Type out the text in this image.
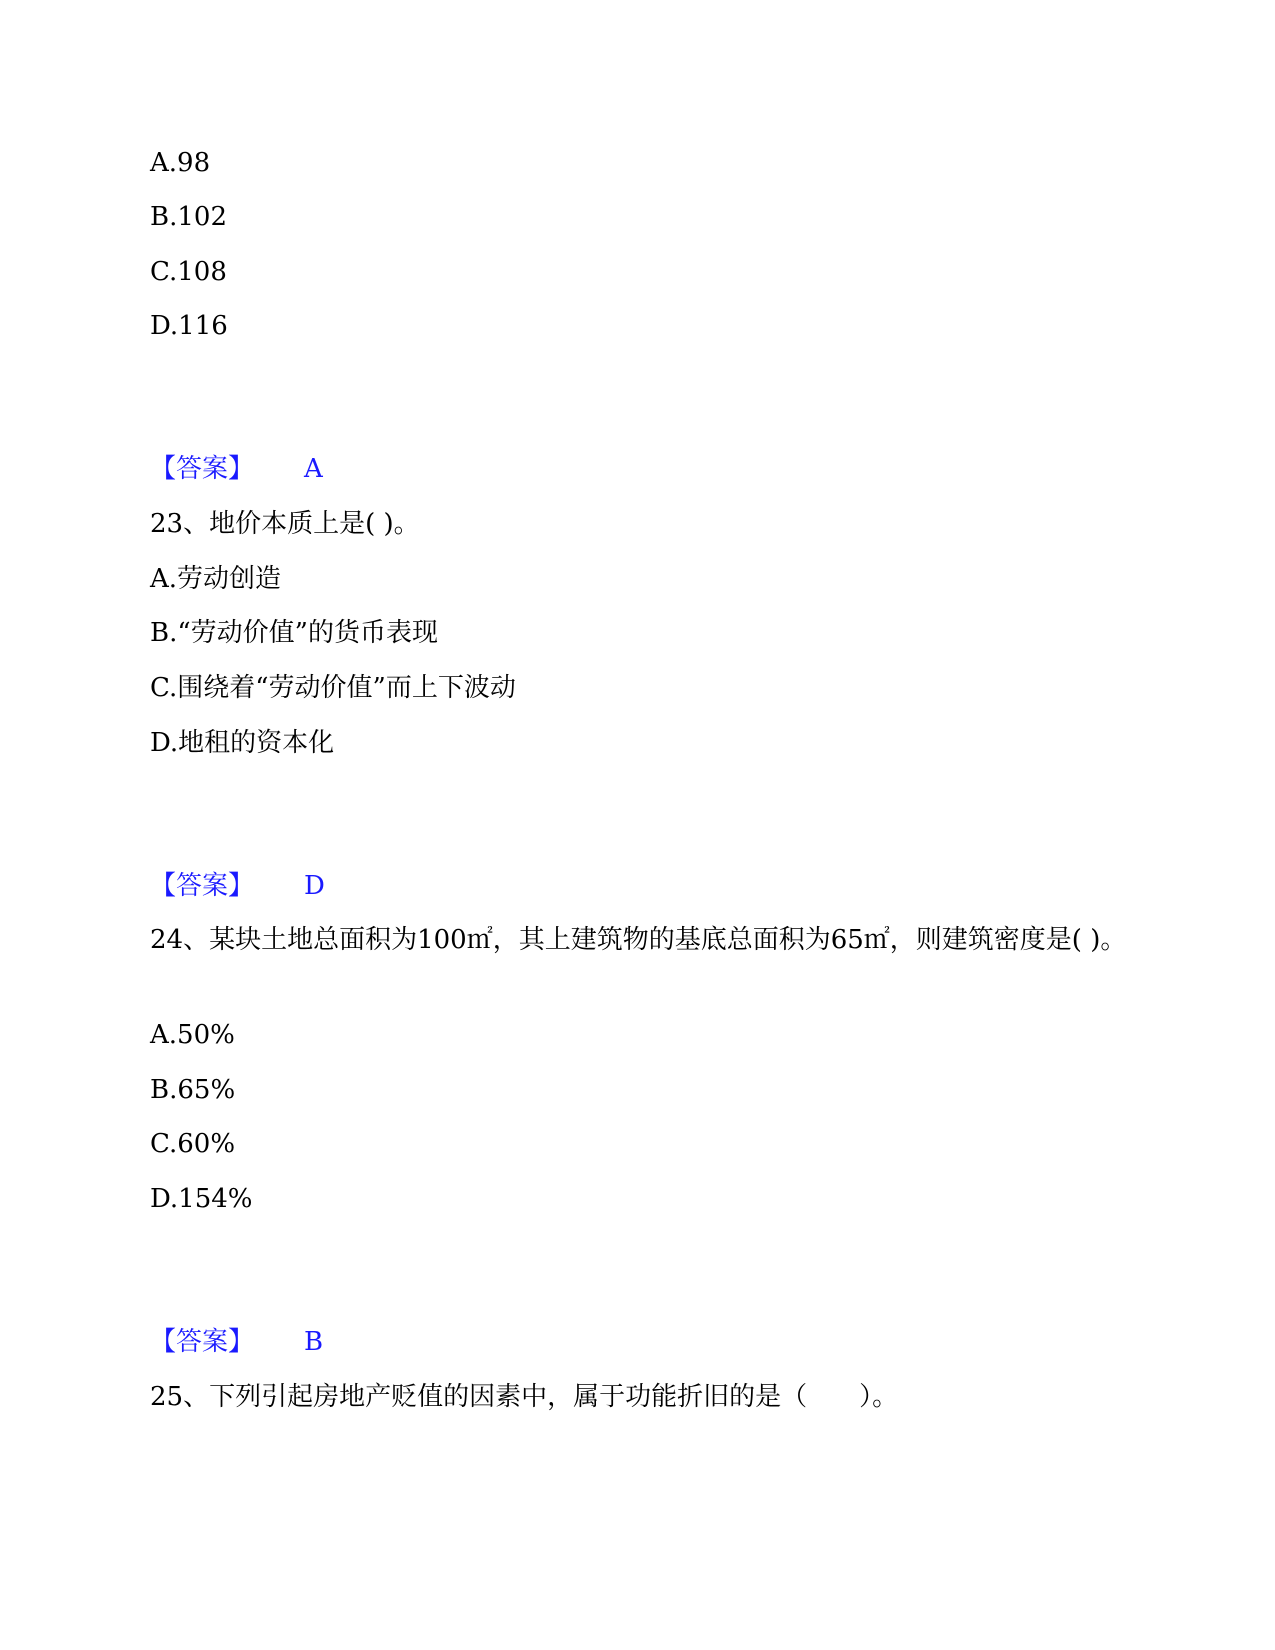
A.98
B.102
C.108
D.116
【答案】 A
23、地价本质上是( )。
A.劳动创造
B.“劳动价值”的货币表现
C.围绕着“劳动价值”而上下波动
D.地租的资本化
【答案】 D
24、某块土地总面积为100㎡，其上建筑物的基底总面积为65㎡，则建筑密度是( )。
A.50%
B.65%
C.60%
D.154%
【答案】 B
25、下列引起房地产贬值的因素中，属于功能折旧的是（　　）。
